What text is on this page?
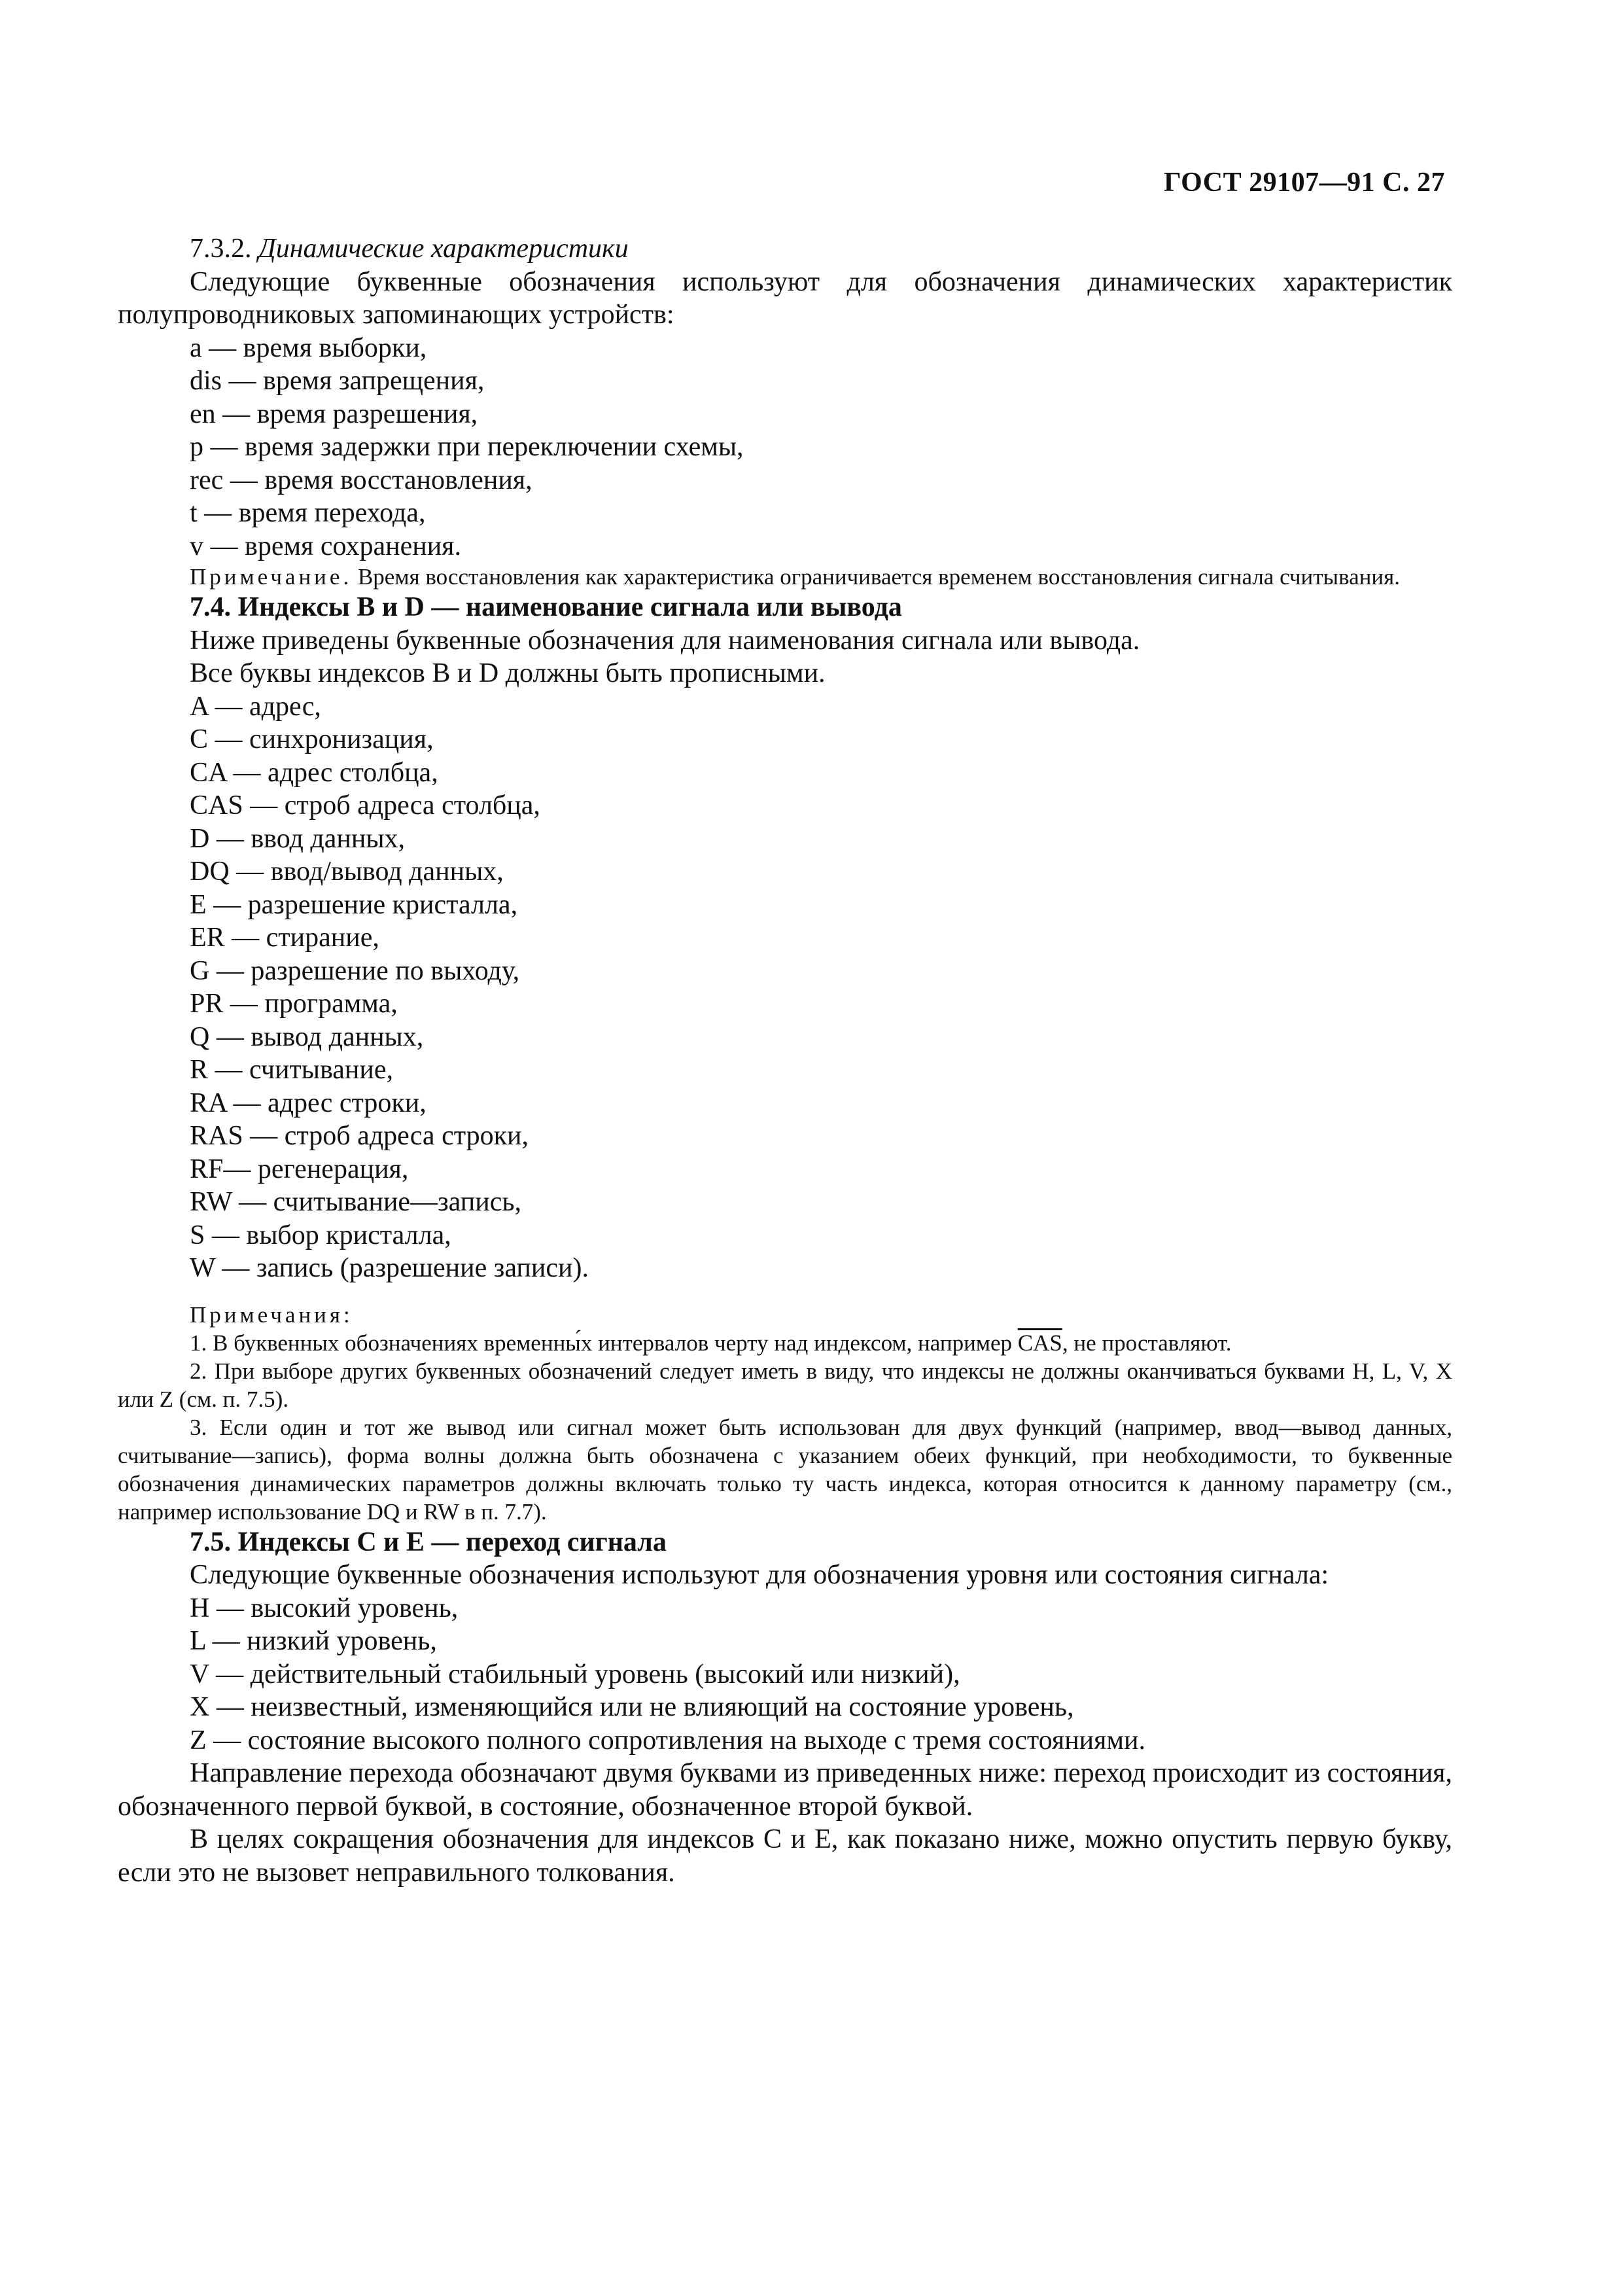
ГОСТ 29107—91 С. 27

7.3.2. Динамические характеристики

Следующие буквенные обозначения используют для обозначения динамических характеристик полупроводниковых запоминающих устройств:

a — время выборки,
dis — время запрещения,
en — время разрешения,
p — время задержки при переключении схемы,
rec — время восстановления,
t — время перехода,
v — время сохранения.

Примечание. Время восстановления как характеристика ограничивается временем восстановления сигнала считывания.

7.4. Индексы B и D — наименование сигнала или вывода

Ниже приведены буквенные обозначения для наименования сигнала или вывода.

Все буквы индексов B и D должны быть прописными.

A — адрес,
C — синхронизация,
CA — адрес столбца,
CAS — строб адреса столбца,
D — ввод данных,
DQ — ввод/вывод данных,
E — разрешение кристалла,
ER — стирание,
G — разрешение по выходу,
PR — программа,
Q — вывод данных,
R — считывание,
RA — адрес строки,
RAS — строб адреса строки,
RF— регенерация,
RW — считывание—запись,
S — выбор кристалла,
W — запись (разрешение записи).

Примечания:

1. В буквенных обозначениях временны́х интервалов черту над индексом, например $\overline{CAS}$, не проставляют.

2. При выборе других буквенных обозначений следует иметь в виду, что индексы не должны оканчиваться буквами H, L, V, X или Z (см. п. 7.5).

3. Если один и тот же вывод или сигнал может быть использован для двух функций (например, ввод—вывод данных, считывание—запись), форма волны должна быть обозначена с указанием обеих функций, при необходимости, то буквенные обозначения динамических параметров должны включать только ту часть индекса, которая относится к данному параметру (см., например использование DQ и RW в п. 7.7).

7.5. Индексы C и E — переход сигнала

Следующие буквенные обозначения используют для обозначения уровня или состояния сигнала:

H — высокий уровень,
L — низкий уровень,
V — действительный стабильный уровень (высокий или низкий),
X — неизвестный, изменяющийся или не влияющий на состояние уровень,
Z — состояние высокого полного сопротивления на выходе с тремя состояниями.

Направление перехода обозначают двумя буквами из приведенных ниже: переход происходит из состояния, обозначенного первой буквой, в состояние, обозначенное второй буквой.

В целях сокращения обозначения для индексов C и E, как показано ниже, можно опустить первую букву, если это не вызовет неправильного толкования.
